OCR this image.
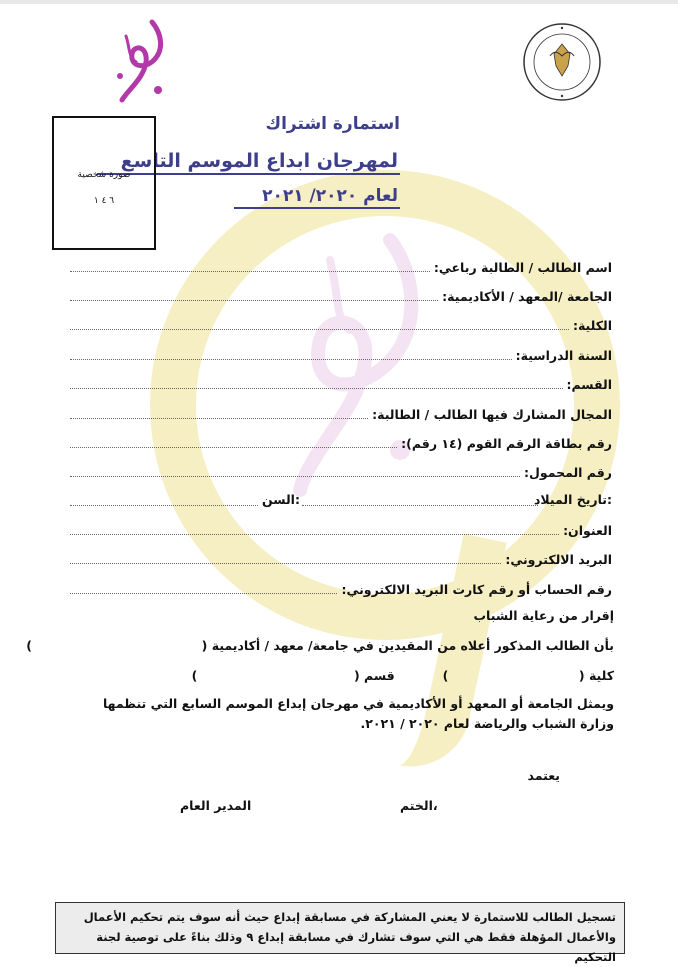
استمارة اشتراك
لمهرجان ابداع الموسم التاسع
لعام ٢٠٢٠/ ٢٠٢١
صورة شخصية
٦ ٤ ١
اسم الطالب / الطالبة رباعي:
الجامعة /المعهد / الأكاديمية:
الكلية:
السنة الدراسية:
القسم:
المجال المشارك فيها الطالب / الطالبة:
رقم بطاقة الرقم القوم (١٤ رقم):
رقم المحمول:
تاريخ الميلاد:
السن:
العنوان:
البريد الالكتروني:
رقم الحساب أو رقم كارت البريد الالكتروني:
إقرار من رعاية الشباب
بأن الطالب المذكور أعلاه من المقيدين في جامعة/ معهد / أكاديمية (                                       )
كلية (                              )           قسم (                                    )
ويمثل الجامعة أو المعهد أو الأكاديمية في مهرجان إبداع الموسم السابع التي تنظمها وزارة الشباب والرياضة لعام ٢٠٢٠ / ٢٠٢١.
يعتمد
الختم،
المدير العام
تسجيل الطالب للاستمارة لا يعني المشاركة في مسابقة إبداع حيث أنه سوف يتم تحكيم الأعمال
والأعمال المؤهلة فقط هي التي سوف تشارك في مسابقة إبداع ٩ وذلك بناءً على توصية لجنة التحكيم
